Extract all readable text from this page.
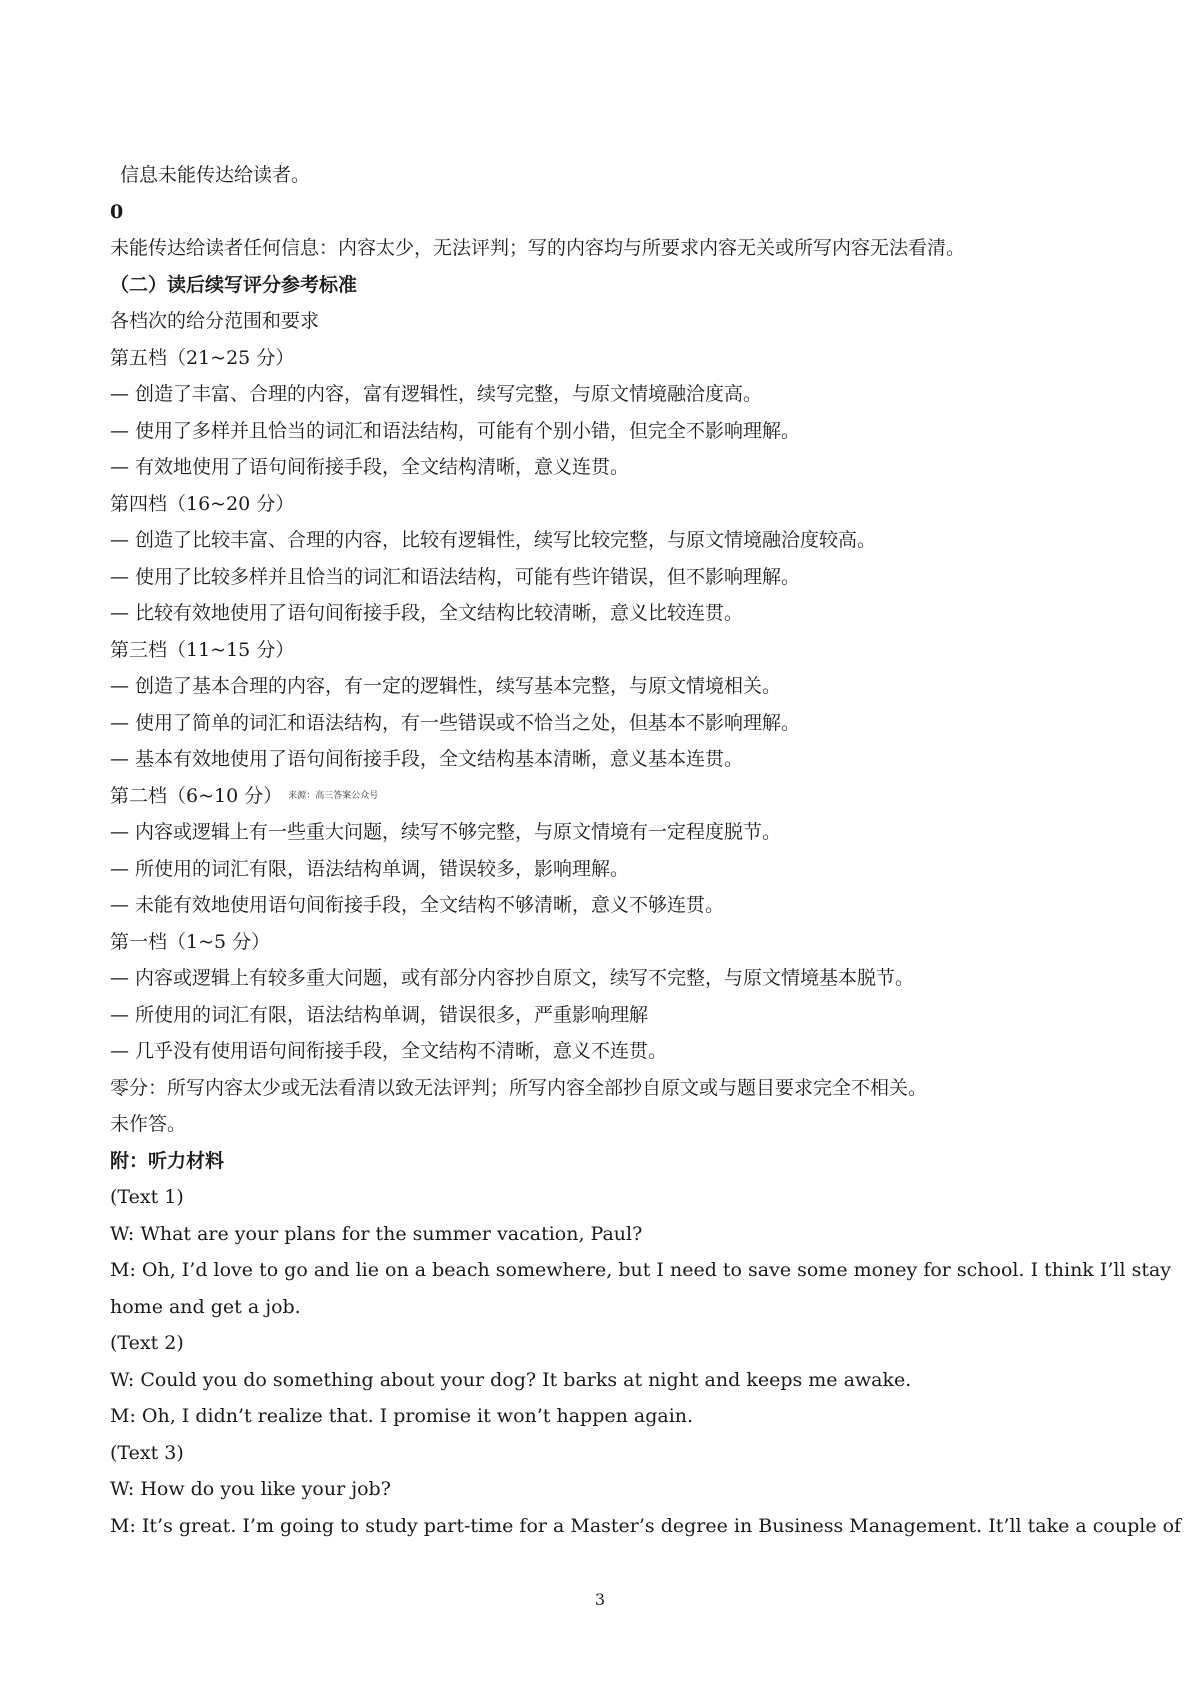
信息未能传达给读者。
0
未能传达给读者任何信息：内容太少，无法评判；写的内容均与所要求内容无关或所写内容无法看清。
（二）读后续写评分参考标准
各档次的给分范围和要求
第五档（21~25 分）
— 创造了丰富、合理的内容，富有逻辑性，续写完整，与原文情境融洽度高。
— 使用了多样并且恰当的词汇和语法结构，可能有个别小错，但完全不影响理解。
— 有效地使用了语句间衔接手段，全文结构清晰，意义连贯。
第四档（16~20 分）
— 创造了比较丰富、合理的内容，比较有逻辑性，续写比较完整，与原文情境融洽度较高。
— 使用了比较多样并且恰当的词汇和语法结构，可能有些许错误，但不影响理解。
— 比较有效地使用了语句间衔接手段，全文结构比较清晰，意义比较连贯。
第三档（11~15 分）
— 创造了基本合理的内容，有一定的逻辑性，续写基本完整，与原文情境相关。
— 使用了简单的词汇和语法结构，有一些错误或不恰当之处，但基本不影响理解。
— 基本有效地使用了语句间衔接手段，全文结构基本清晰，意义基本连贯。
第二档（6~10 分） 来源：高三答案公众号
— 内容或逻辑上有一些重大问题，续写不够完整，与原文情境有一定程度脱节。
— 所使用的词汇有限，语法结构单调，错误较多，影响理解。
— 未能有效地使用语句间衔接手段，全文结构不够清晰，意义不够连贯。
第一档（1~5 分）
— 内容或逻辑上有较多重大问题，或有部分内容抄自原文，续写不完整，与原文情境基本脱节。
— 所使用的词汇有限，语法结构单调，错误很多，严重影响理解
— 几乎没有使用语句间衔接手段，全文结构不清晰，意义不连贯。
零分：所写内容太少或无法看清以致无法评判；所写内容全部抄自原文或与题目要求完全不相关。
未作答。
附：听力材料
(Text 1)
W: What are your plans for the summer vacation, Paul?
M: Oh, I’d love to go and lie on a beach somewhere, but I need to save some money for school. I think I’ll stay
home and get a job.
(Text 2)
W: Could you do something about your dog? It barks at night and keeps me awake.
M: Oh, I didn’t realize that. I promise it won’t happen again.
(Text 3)
W: How do you like your job?
M: It’s great. I’m going to study part-time for a Master’s degree in Business Management. It’ll take a couple of
3
